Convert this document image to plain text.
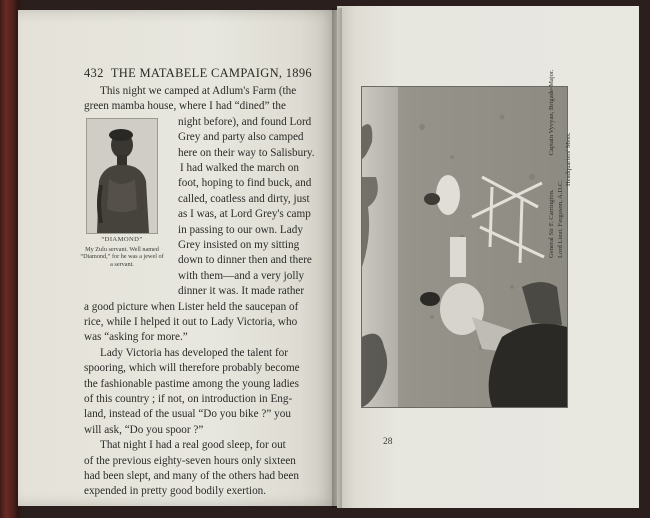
432 THE MATABELE CAMPAIGN, 1896
This night we camped at Adlum's Farm (the
green mamba house, where I had “dined” the
night before), and found Lord
Grey and party also camped
here on their way to Salisbury.
I had walked the march on
foot, hoping to find buck, and
called, coatless and dirty, just
as I was, at Lord Grey's camp
in passing to our own. Lady
Grey insisted on my sitting
down to dinner then and there
with them—and a very jolly
dinner it was. It made rather
“DIAMOND”
My Zulu servant. Well named “Diamond,” for he was a jewel of a servant.
a good picture when Lister held the saucepan of
rice, while I helped it out to Lady Victoria, who
was “asking for more.”
Lady Victoria has developed the talent for
spooring, which will therefore probably become
the fashionable pastime among the young ladies
of this country ; if not, on introduction in Eng-
land, instead of the usual “Do you bike ?” you
will ask, “Do you spoor ?”
That night I had a real good sleep, for out
of the previous eighty-seven hours only sixteen
had been slept, and many of the others had been
expended in pretty good bodily exertion.
General Sir F. Carrington.Captain Vyvyan, Brigade-Major.
Lord Lieut. Ferguson, A.D.C.
Headquarters' Mess.
28
